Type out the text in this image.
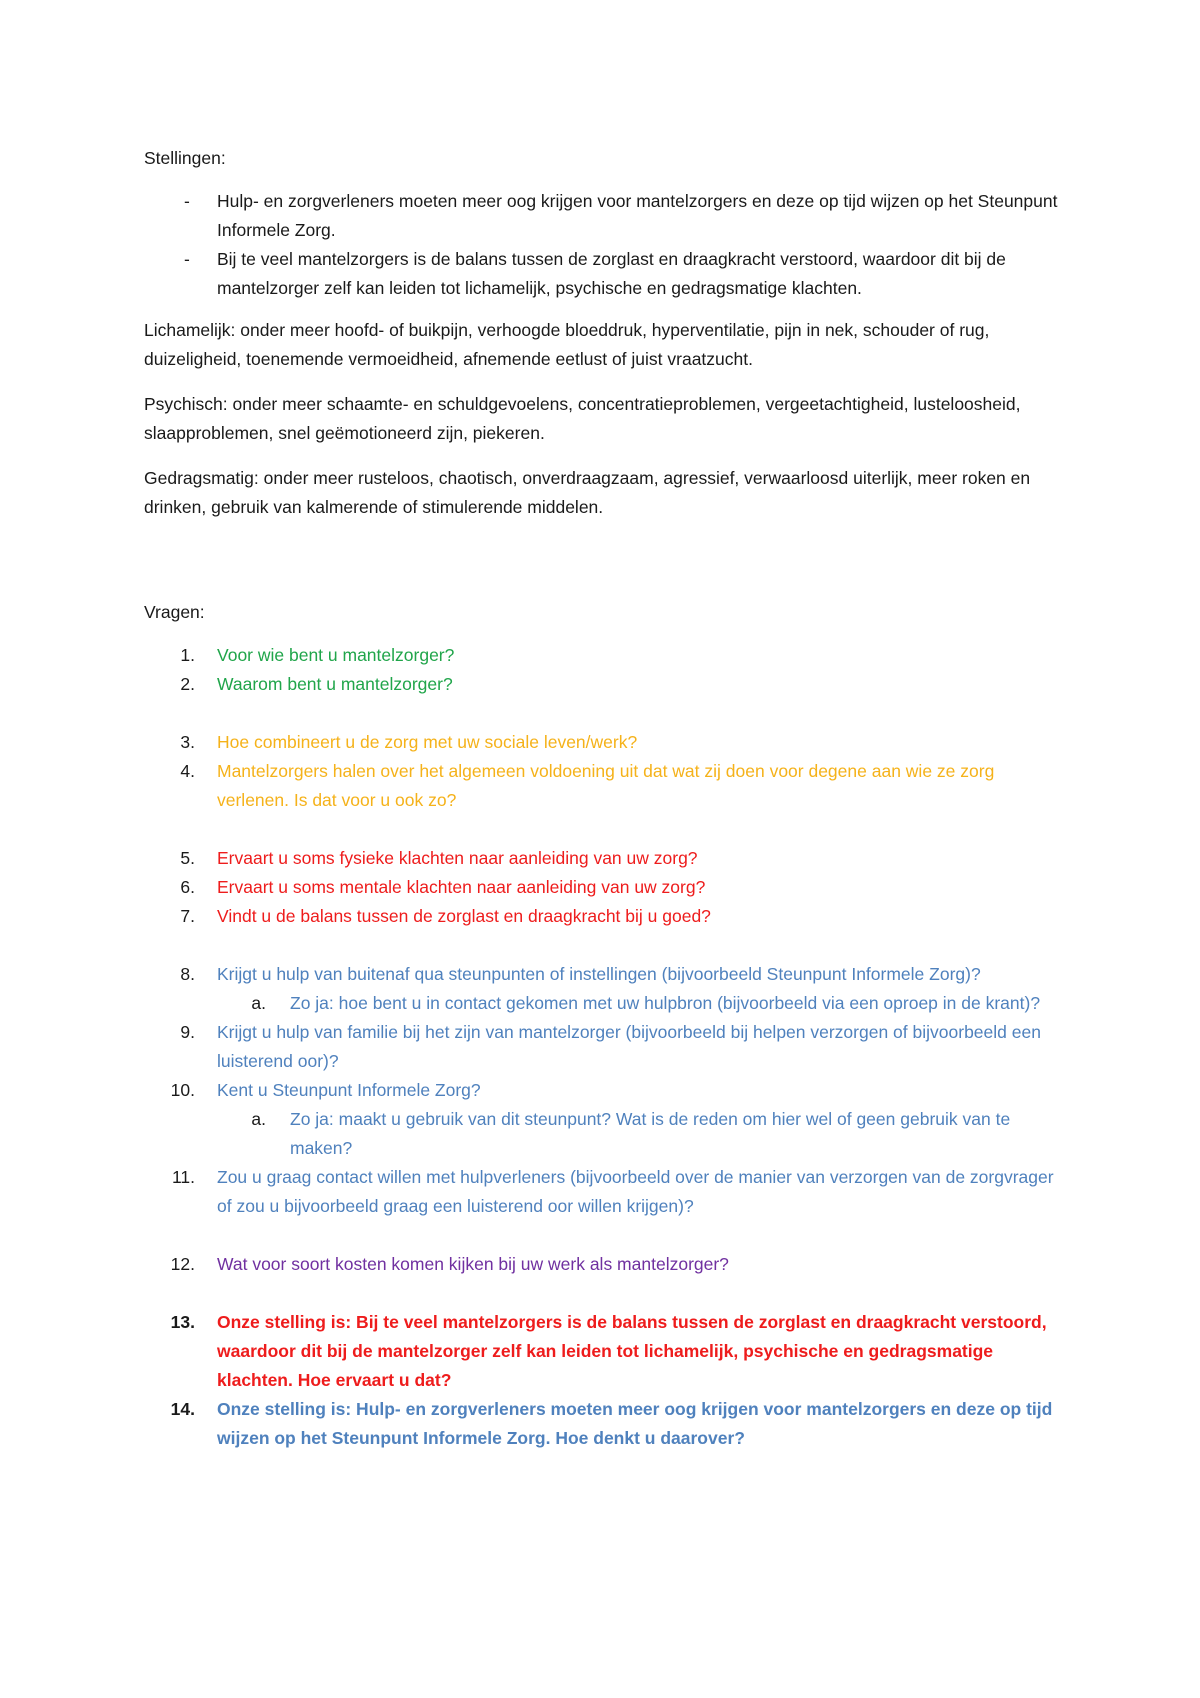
Stellingen:

- Hulp- en zorgverleners moeten meer oog krijgen voor mantelzorgers en deze op tijd wijzen op het Steunpunt Informele Zorg.
- Bij te veel mantelzorgers is de balans tussen de zorglast en draagkracht verstoord, waardoor dit bij de mantelzorger zelf kan leiden tot lichamelijk, psychische en gedragsmatige klachten.

Lichamelijk: onder meer hoofd- of buikpijn, verhoogde bloeddruk, hyperventilatie, pijn in nek, schouder of rug, duizeligheid, toenemende vermoeidheid, afnemende eetlust of juist vraatzucht.

Psychisch: onder meer schaamte- en schuldgevoelens, concentratieproblemen, vergeetachtigheid, lusteloosheid, slaapproblemen, snel geëmotioneerd zijn, piekeren.

Gedragsmatig: onder meer rusteloos, chaotisch, onverdraagzaam, agressief, verwaarloosd uiterlijk, meer roken en drinken, gebruik van kalmerende of stimulerende middelen.

Vragen:

1. Voor wie bent u mantelzorger?
2. Waarom bent u mantelzorger?
3. Hoe combineert u de zorg met uw sociale leven/werk?
4. Mantelzorgers halen over het algemeen voldoening uit dat wat zij doen voor degene aan wie ze zorg verlenen. Is dat voor u ook zo?
5. Ervaart u soms fysieke klachten naar aanleiding van uw zorg?
6. Ervaart u soms mentale klachten naar aanleiding van uw zorg?
7. Vindt u de balans tussen de zorglast en draagkracht bij u goed?
8. Krijgt u hulp van buitenaf qua steunpunten of instellingen (bijvoorbeeld Steunpunt Informele Zorg)?
a. Zo ja: hoe bent u in contact gekomen met uw hulpbron (bijvoorbeeld via een oproep in de krant)?
9. Krijgt u hulp van familie bij het zijn van mantelzorger (bijvoorbeeld bij helpen verzorgen of bijvoorbeeld een luisterend oor)?
10. Kent u Steunpunt Informele Zorg?
a. Zo ja: maakt u gebruik van dit steunpunt? Wat is de reden om hier wel of geen gebruik van te maken?
11. Zou u graag contact willen met hulpverleners (bijvoorbeeld over de manier van verzorgen van de zorgvrager of zou u bijvoorbeeld graag een luisterend oor willen krijgen)?
12. Wat voor soort kosten komen kijken bij uw werk als mantelzorger?
13. Onze stelling is: Bij te veel mantelzorgers is de balans tussen de zorglast en draagkracht verstoord, waardoor dit bij de mantelzorger zelf kan leiden tot lichamelijk, psychische en gedragsmatige klachten. Hoe ervaart u dat?
14. Onze stelling is: Hulp- en zorgverleners moeten meer oog krijgen voor mantelzorgers en deze op tijd wijzen op het Steunpunt Informele Zorg. Hoe denkt u daarover?
